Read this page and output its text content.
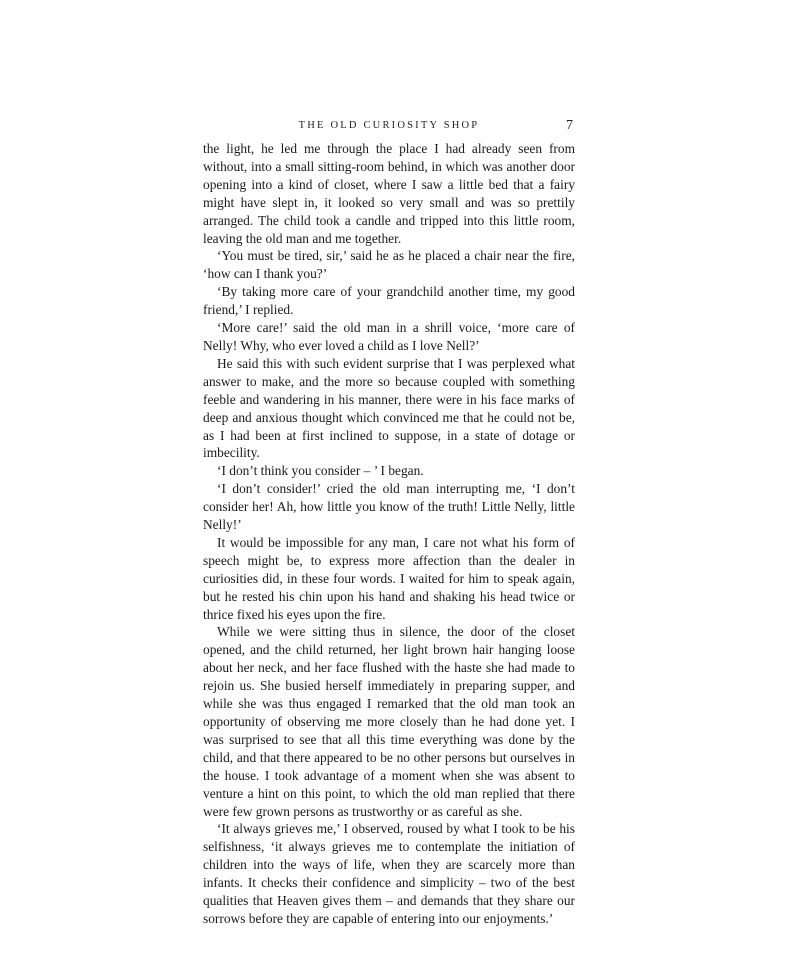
THE OLD CURIOSITY SHOP	7

the light, he led me through the place I had already seen from without, into a small sitting-room behind, in which was another door opening into a kind of closet, where I saw a little bed that a fairy might have slept in, it looked so very small and was so prettily arranged. The child took a candle and tripped into this little room, leaving the old man and me together.

‘You must be tired, sir,’ said he as he placed a chair near the fire, ‘how can I thank you?’

‘By taking more care of your grandchild another time, my good friend,’ I replied.

‘More care!’ said the old man in a shrill voice, ‘more care of Nelly! Why, who ever loved a child as I love Nell?’

He said this with such evident surprise that I was perplexed what answer to make, and the more so because coupled with something feeble and wandering in his manner, there were in his face marks of deep and anxious thought which convinced me that he could not be, as I had been at first inclined to suppose, in a state of dotage or imbecility.

‘I don’t think you consider – ’ I began.

‘I don’t consider!’ cried the old man interrupting me, ‘I don’t consider her! Ah, how little you know of the truth! Little Nelly, little Nelly!’

It would be impossible for any man, I care not what his form of speech might be, to express more affection than the dealer in curiosities did, in these four words. I waited for him to speak again, but he rested his chin upon his hand and shaking his head twice or thrice fixed his eyes upon the fire.

While we were sitting thus in silence, the door of the closet opened, and the child returned, her light brown hair hanging loose about her neck, and her face flushed with the haste she had made to rejoin us. She busied herself immediately in preparing supper, and while she was thus engaged I remarked that the old man took an opportunity of observing me more closely than he had done yet. I was surprised to see that all this time everything was done by the child, and that there appeared to be no other persons but ourselves in the house. I took advantage of a moment when she was absent to venture a hint on this point, to which the old man replied that there were few grown persons as trustworthy or as careful as she.

‘It always grieves me,’ I observed, roused by what I took to be his selfishness, ‘it always grieves me to contemplate the initiation of children into the ways of life, when they are scarcely more than infants. It checks their confidence and simplicity – two of the best qualities that Heaven gives them – and demands that they share our sorrows before they are capable of entering into our enjoyments.’
